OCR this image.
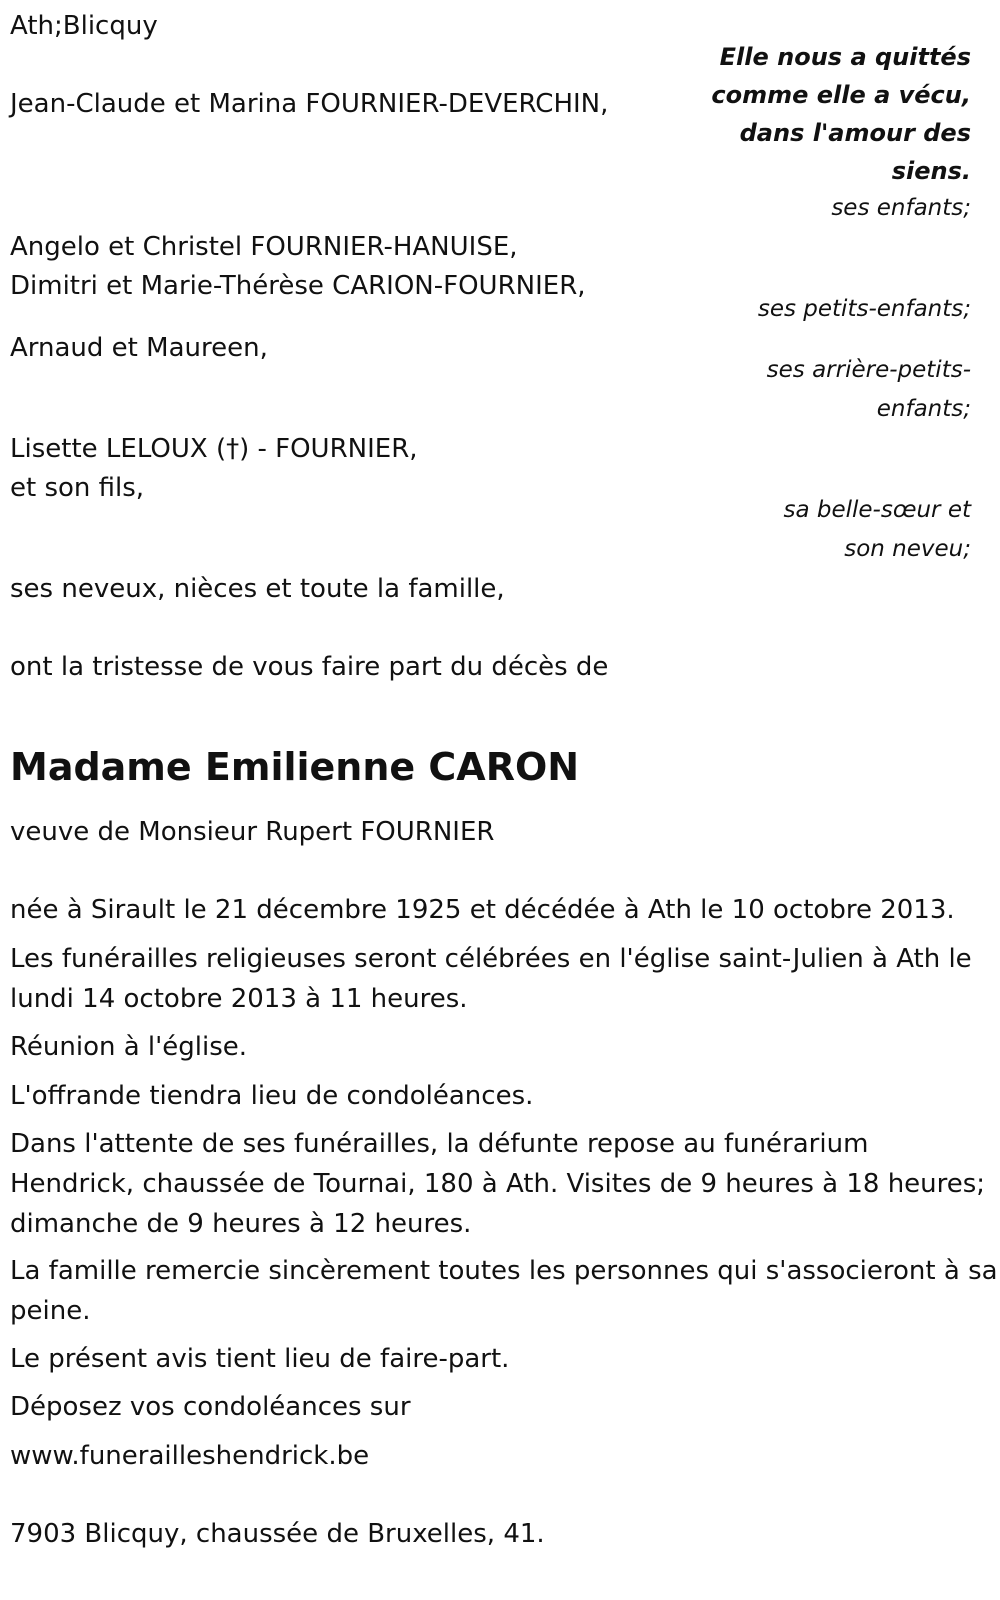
Ath;Blicquy

Elle nous a quittés
comme elle a vécu,
dans l'amour des
siens.

Jean-Claude et Marina FOURNIER-DEVERCHIN,

ses enfants;

Angelo et Christel FOURNIER-HANUISE,

Dimitri et Marie-Thérèse CARION-FOURNIER,

ses petits-enfants;

Arnaud et Maureen,

ses arrière-petits-
enfants;

Lisette LELOUX (†) - FOURNIER,

et son fils,

sa belle-sœur et
son neveu;

ses neveux, nièces et toute la famille,

ont la tristesse de vous faire part du décès de

Madame Emilienne CARON

veuve de Monsieur Rupert FOURNIER

née à Sirault le 21 décembre 1925 et décédée à Ath le 10 octobre 2013.

Les funérailles religieuses seront célébrées en l'église saint-Julien à Ath le lundi 14 octobre 2013 à 11 heures.

Réunion à l'église.

L'offrande tiendra lieu de condoléances.

Dans l'attente de ses funérailles, la défunte repose au funérarium Hendrick, chaussée de Tournai, 180 à Ath. Visites de 9 heures à 18 heures; dimanche de 9 heures à 12 heures.

La famille remercie sincèrement toutes les personnes qui s'associeront à sa peine.

Le présent avis tient lieu de faire-part.

Déposez vos condoléances sur

www.funerailleshendrick.be

7903 Blicquy, chaussée de Bruxelles, 41.
